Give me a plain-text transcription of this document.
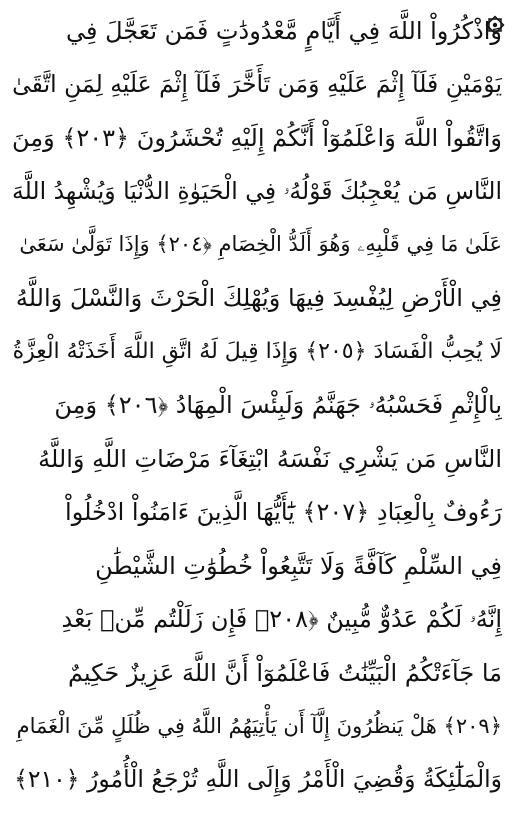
وَاذْكُرُواْ اللَّهَ فِي أَيَّامٍ مَّعْدُودَٰتٍ فَمَن تَعَجَّلَ فِي
يَوْمَيْنِ فَلَآ إِثْمَ عَلَيْهِ وَمَن تَأَخَّرَ فَلَآ إِثْمَ عَلَيْهِ لِمَنِ اتَّقَىٰ
وَاتَّقُواْ اللَّهَ وَاعْلَمُوٓاْ أَنَّكُمْ إِلَيْهِ تُحْشَرُونَ ﴿٢٠٣﴾ وَمِنَ
النَّاسِ مَن يُعْجِبُكَ قَوْلُهُۥ فِي الْحَيَوٰةِ الدُّنْيَا وَيُشْهِدُ اللَّهَ
عَلَىٰ مَا فِي قَلْبِهِۦ وَهُوَ أَلَدُّ الْخِصَامِ ﴿٢٠٤﴾ وَإِذَا تَوَلَّىٰ سَعَىٰ
فِي الْأَرْضِ لِيُفْسِدَ فِيهَا وَيُهْلِكَ الْحَرْثَ وَالنَّسْلَ وَاللَّهُ
لَا يُحِبُّ الْفَسَادَ ﴿٢٠٥﴾ وَإِذَا قِيلَ لَهُ اتَّقِ اللَّهَ أَخَذَتْهُ الْعِزَّةُ
بِالْإِثْمِ فَحَسْبُهُۥ جَهَنَّمُ وَلَبِئْسَ الْمِهَادُ ﴿٢٠٦﴾ وَمِنَ
النَّاسِ مَن يَشْرِي نَفْسَهُ ابْتِغَآءَ مَرْضَاتِ اللَّهِ وَاللَّهُ
رَءُوفٌ بِالْعِبَادِ ﴿٢٠٧﴾ يَٰٓأَيُّهَا الَّذِينَ ءَامَنُواْ ادْخُلُواْ
فِي السِّلْمِ كَآفَّةً وَلَا تَتَّبِعُواْ خُطُوَٰتِ الشَّيْطَٰنِ
إِنَّهُۥ لَكُمْ عَدُوٌّ مُّبِينٌ ﴿٢٠٨﴾ فَإِن زَلَلْتُم مِّنۢ بَعْدِ
مَا جَآءَتْكُمُ الْبَيِّنَٰتُ فَاعْلَمُوٓاْ أَنَّ اللَّهَ عَزِيزٌ حَكِيمٌ
﴿٢٠٩﴾ هَلْ يَنظُرُونَ إِلَّآ أَن يَأْتِيَهُمُ اللَّهُ فِي ظُلَلٍ مِّنَ الْغَمَامِ
وَالْمَلَٰٓئِكَةُ وَقُضِيَ الْأَمْرُ وَإِلَى اللَّهِ تُرْجَعُ الْأُمُورُ ﴿٢١٠﴾
